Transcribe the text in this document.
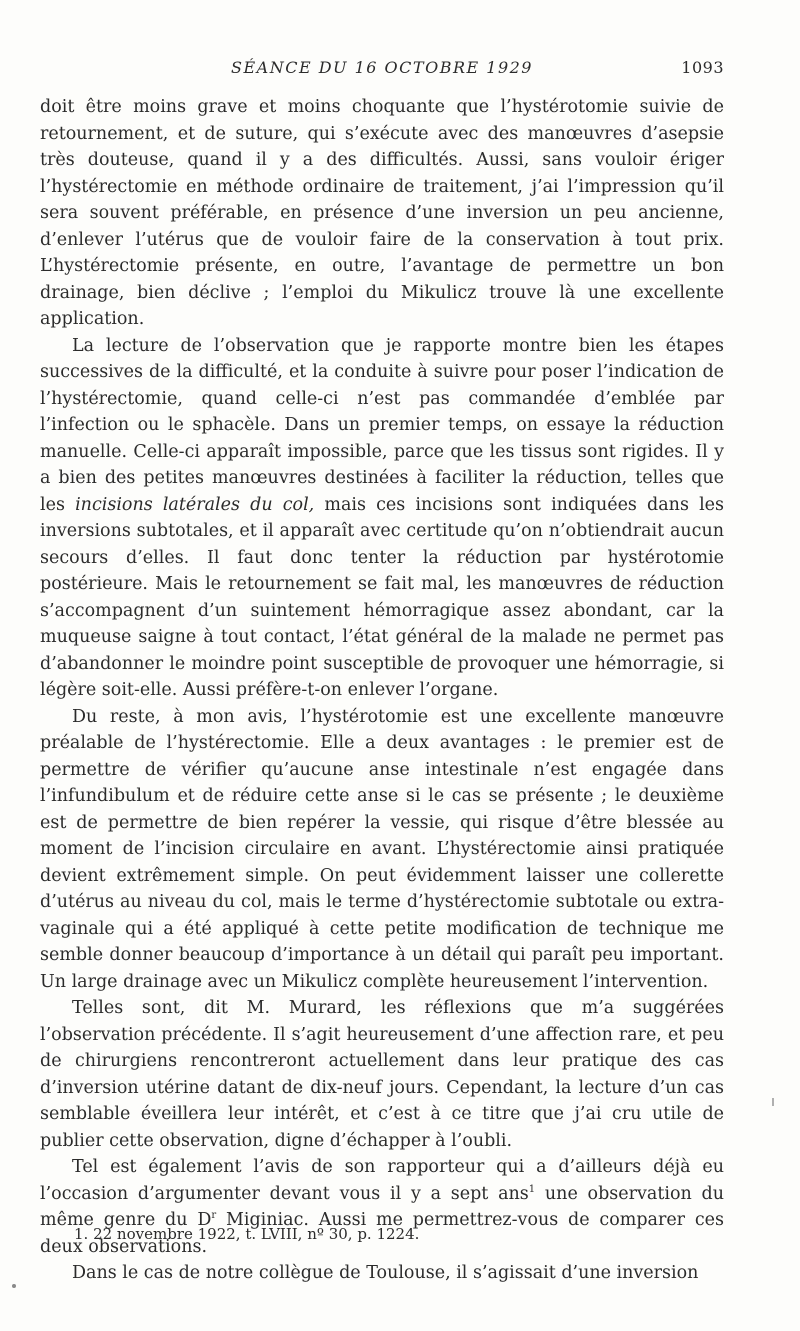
SÉANCE DU 16 OCTOBRE 1929	1093

doit être moins grave et moins choquante que l’hystérotomie suivie de retournement, et de suture, qui s’exécute avec des manœuvres d’asepsie très douteuse, quand il y a des difficultés. Aussi, sans vouloir ériger l’hystérectomie en méthode ordinaire de traitement, j’ai l’impression qu’il sera souvent préférable, en présence d’une inversion un peu ancienne, d’enlever l’utérus que de vouloir faire de la conservation à tout prix. L’hystérectomie présente, en outre, l’avantage de permettre un bon drainage, bien déclive ; l’emploi du Mikulicz trouve là une excellente application.

La lecture de l’observation que je rapporte montre bien les étapes successives de la difficulté, et la conduite à suivre pour poser l’indication de l’hystérectomie, quand celle-ci n’est pas commandée d’emblée par l’infection ou le sphacèle. Dans un premier temps, on essaye la réduction manuelle. Celle-ci apparaît impossible, parce que les tissus sont rigides. Il y a bien des petites manœuvres destinées à faciliter la réduction, telles que les incisions latérales du col, mais ces incisions sont indiquées dans les inversions subtotales, et il apparaît avec certitude qu’on n’obtiendrait aucun secours d’elles. Il faut donc tenter la réduction par hystérotomie postérieure. Mais le retournement se fait mal, les manœuvres de réduction s’accompagnent d’un suintement hémorragique assez abondant, car la muqueuse saigne à tout contact, l’état général de la malade ne permet pas d’abandonner le moindre point susceptible de provoquer une hémorragie, si légère soit-elle. Aussi préfère-t-on enlever l’organe.

Du reste, à mon avis, l’hystérotomie est une excellente manœuvre préalable de l’hystérectomie. Elle a deux avantages : le premier est de permettre de vérifier qu’aucune anse intestinale n’est engagée dans l’infundibulum et de réduire cette anse si le cas se présente ; le deuxième est de permettre de bien repérer la vessie, qui risque d’être blessée au moment de l’incision circulaire en avant. L’hystérectomie ainsi pratiquée devient extrêmement simple. On peut évidemment laisser une collerette d’utérus au niveau du col, mais le terme d’hystérectomie subtotale ou extra-vaginale qui a été appliqué à cette petite modification de technique me semble donner beaucoup d’importance à un détail qui paraît peu important. Un large drainage avec un Mikulicz complète heureusement l’intervention.

Telles sont, dit M. Murard, les réflexions que m’a suggérées l’observation précédente. Il s’agit heureusement d’une affection rare, et peu de chirurgiens rencontreront actuellement dans leur pratique des cas d’inversion utérine datant de dix-neuf jours. Cependant, la lecture d’un cas semblable éveillera leur intérêt, et c’est à ce titre que j’ai cru utile de publier cette observation, digne d’échapper à l’oubli.

Tel est également l’avis de son rapporteur qui a d’ailleurs déjà eu l’occasion d’argumenter devant vous il y a sept ans$^1$ une observation du même genre du $D^r$ Miginiac. Aussi me permettrez-vous de comparer ces deux observations.

Dans le cas de notre collègue de Toulouse, il s’agissait d’une inversion

1. 22 novembre 1922, t. LVIII, nº 30, p. 1224.
